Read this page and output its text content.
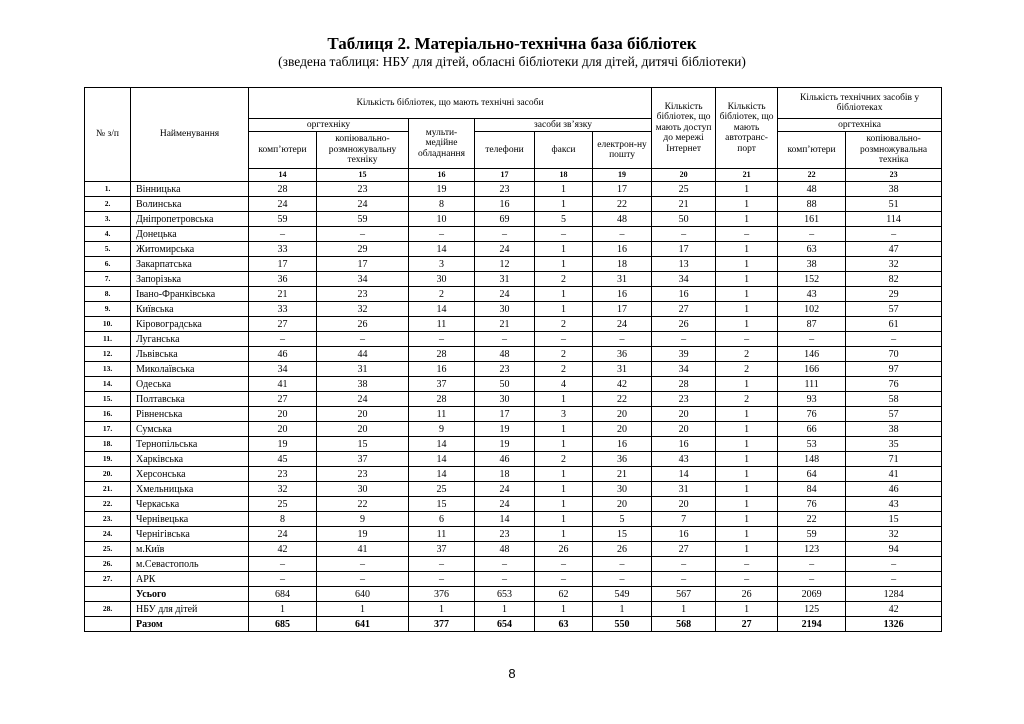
Таблиця 2. Матеріально-технічна база бібліотек
(зведена таблиця: НБУ для дітей, обласні бібліотеки для дітей, дитячі бібліотеки)
№ з/п	Найменування	Кількість бібліотек, що мають технічні засоби						Кількість бібліотек, що мають доступ до мережі Інтернет	Кількість бібліотек, що мають автотранс-порт	Кількість технічних засобів у бібліотеках	
		оргтехніку		мульти-медійне обладнання	засоби зв’язку					оргтехніка	
		комп’ютери	копіювально-розмножувальну техніку		телефони	факси	електрон-ну пошту			комп’ютери	копіювально-розмножувальна техніка
		14	15	16	17	18	19	20	21	22	23
1.	Вінницька	28	23	19	23	1	17	25	1	48	38
2.	Волинська	24	24	8	16	1	22	21	1	88	51
3.	Дніпропетровська	59	59	10	69	5	48	50	1	161	114
4.	Донецька	–	–	–	–	–	–	–	–	–	–
5.	Житомирська	33	29	14	24	1	16	17	1	63	47
6.	Закарпатська	17	17	3	12	1	18	13	1	38	32
7.	Запорізька	36	34	30	31	2	31	34	1	152	82
8.	Івано-Франківська	21	23	2	24	1	16	16	1	43	29
9.	Київська	33	32	14	30	1	17	27	1	102	57
10.	Кіровоградська	27	26	11	21	2	24	26	1	87	61
11.	Луганська	–	–	–	–	–	–	–	–	–	–
12.	Львівська	46	44	28	48	2	36	39	2	146	70
13.	Миколаївська	34	31	16	23	2	31	34	2	166	97
14.	Одеська	41	38	37	50	4	42	28	1	111	76
15.	Полтавська	27	24	28	30	1	22	23	2	93	58
16.	Рівненська	20	20	11	17	3	20	20	1	76	57
17.	Сумська	20	20	9	19	1	20	20	1	66	38
18.	Тернопільська	19	15	14	19	1	16	16	1	53	35
19.	Харківська	45	37	14	46	2	36	43	1	148	71
20.	Херсонська	23	23	14	18	1	21	14	1	64	41
21.	Хмельницька	32	30	25	24	1	30	31	1	84	46
22.	Черкаська	25	22	15	24	1	20	20	1	76	43
23.	Чернівецька	8	9	6	14	1	5	7	1	22	15
24.	Чернігівська	24	19	11	23	1	15	16	1	59	32
25.	м.Київ	42	41	37	48	26	26	27	1	123	94
26.	м.Севастополь	–	–	–	–	–	–	–	–	–	–
27.	АРК	–	–	–	–	–	–	–	–	–	–
	Усього	684	640	376	653	62	549	567	26	2069	1284
28.	НБУ для дітей	1	1	1	1	1	1	1	1	125	42
	Разом	685	641	377	654	63	550	568	27	2194	1326
8
